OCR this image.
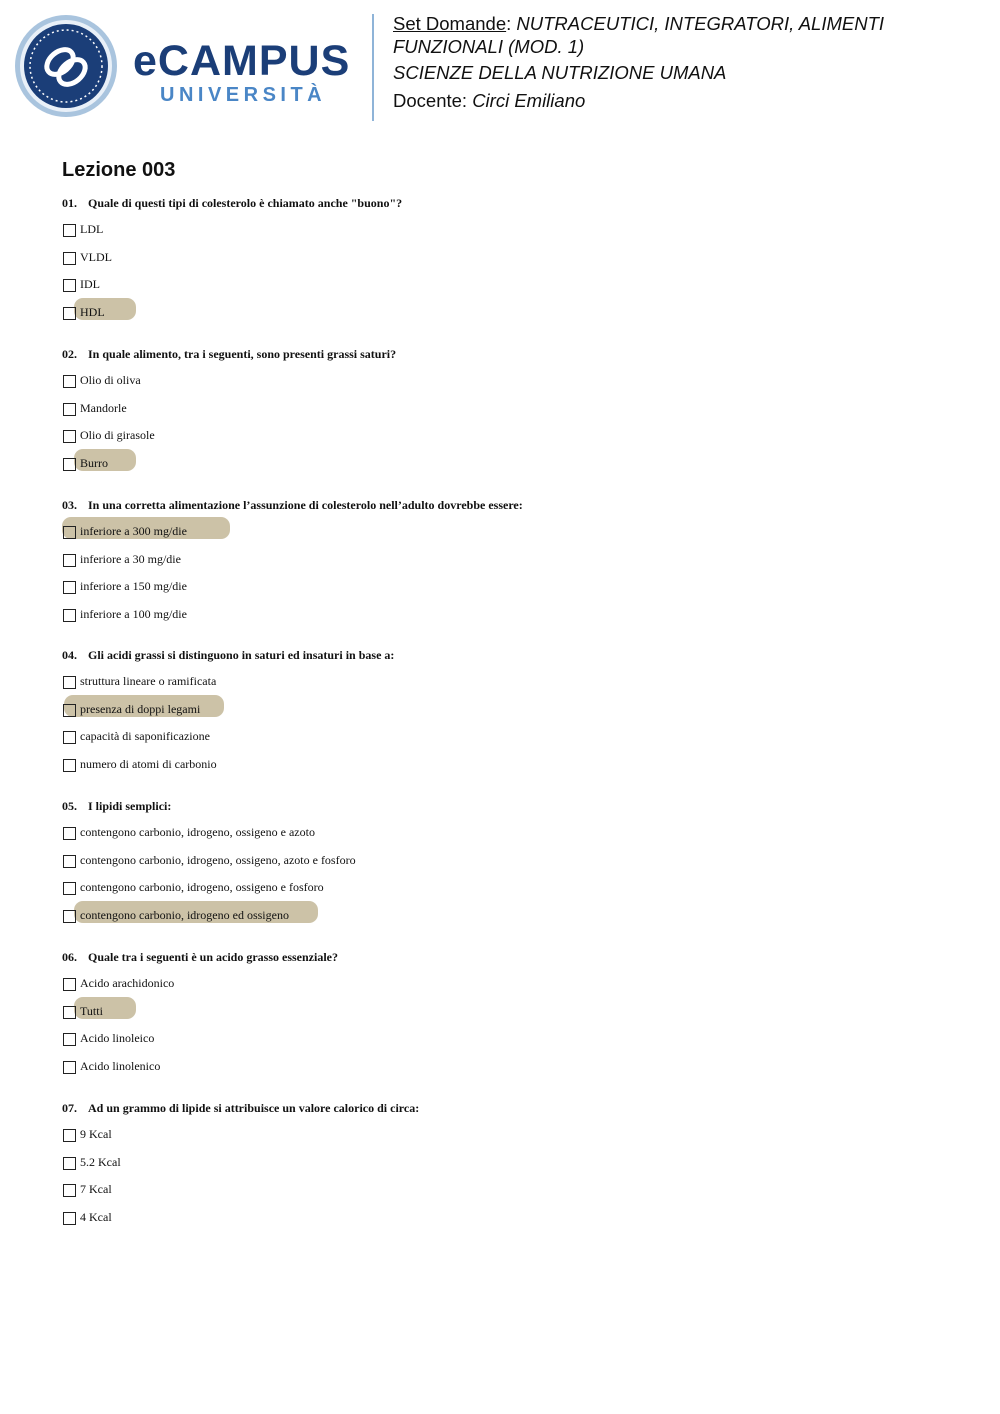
eCAMPUS
UNIVERSITÀ
Set Domande: NUTRACEUTICI, INTEGRATORI, ALIMENTI
FUNZIONALI (MOD. 1)
SCIENZE DELLA NUTRIZIONE UMANA
Docente: Circi Emiliano
Lezione 003
01. Quale di questi tipi di colesterolo è chiamato anche "buono"?
LDL
VLDL
IDL
HDL
02. In quale alimento, tra i seguenti, sono presenti grassi saturi?
Olio di oliva
Mandorle
Olio di girasole
Burro
03. In una corretta alimentazione l’assunzione di colesterolo nell’adulto dovrebbe essere:
inferiore a 300 mg/die
inferiore a 30 mg/die
inferiore a 150 mg/die
inferiore a 100 mg/die
04. Gli acidi grassi si distinguono in saturi ed insaturi in base a:
struttura lineare o ramificata
presenza di doppi legami
capacità di saponificazione
numero di atomi di carbonio
05. I lipidi semplici:
contengono carbonio, idrogeno, ossigeno e azoto
contengono carbonio, idrogeno, ossigeno, azoto e fosforo
contengono carbonio, idrogeno, ossigeno e fosforo
contengono carbonio, idrogeno ed ossigeno
06. Quale tra i seguenti è un acido grasso essenziale?
Acido arachidonico
Tutti
Acido linoleico
Acido linolenico
07. Ad un grammo di lipide si attribuisce un valore calorico di circa:
9 Kcal
5.2 Kcal
7 Kcal
4 Kcal
